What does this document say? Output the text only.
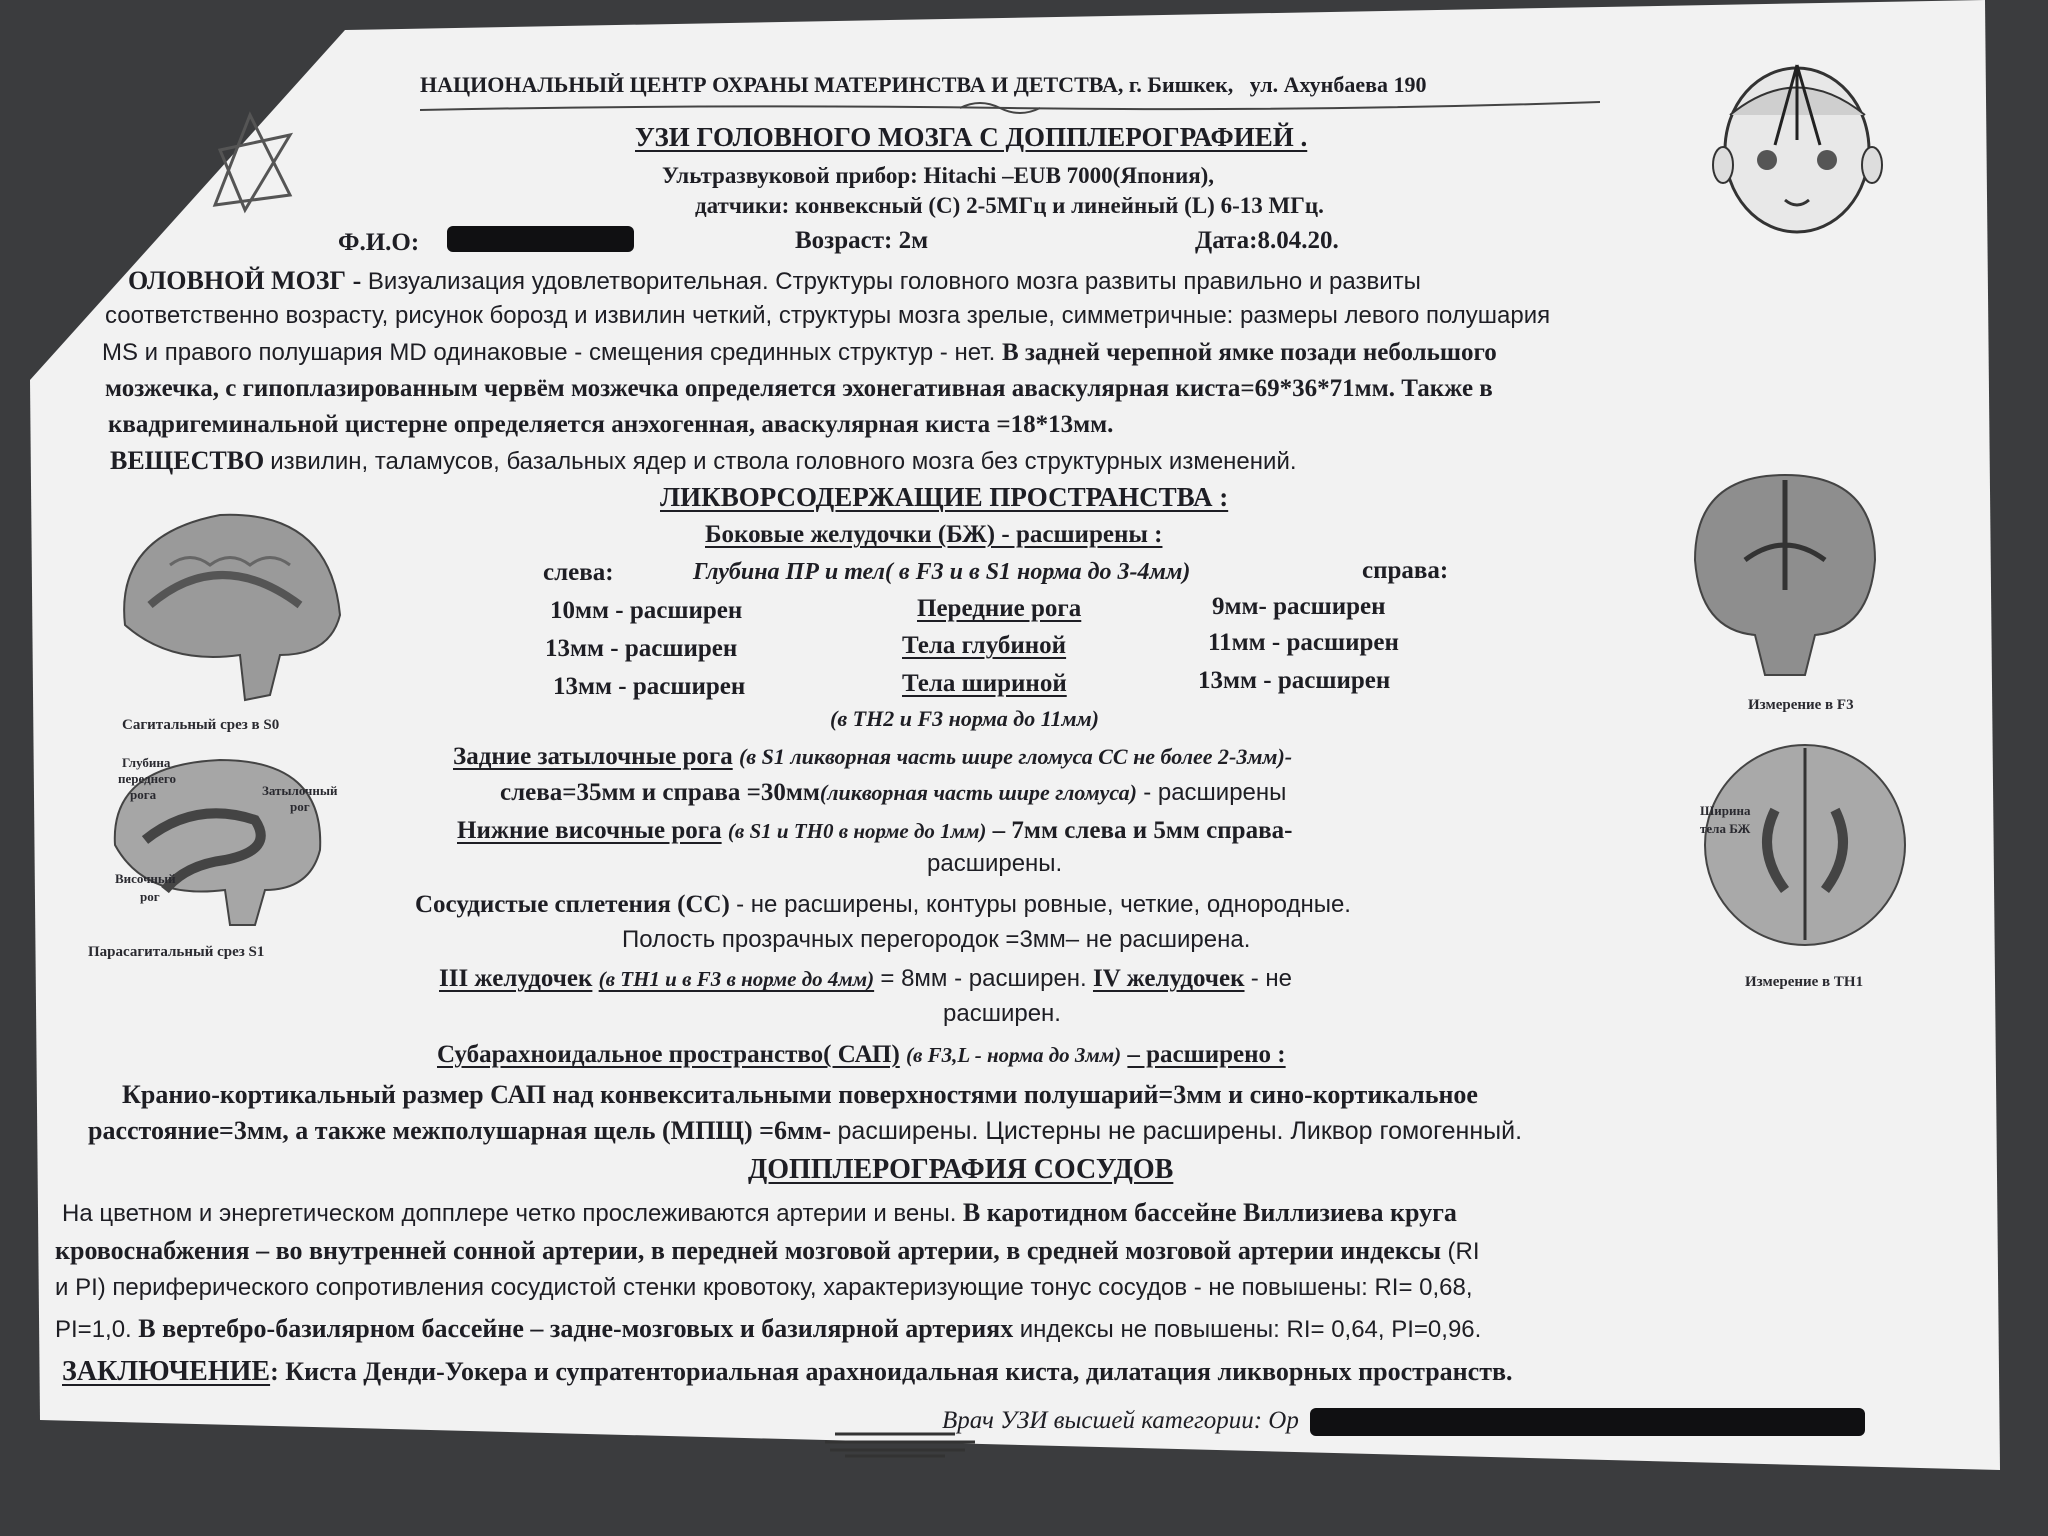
НАЦИОНАЛЬНЫЙ ЦЕНТР ОХРАНЫ МАТЕРИНСТВА И ДЕТСТВА, г. Бишкек, ул. Ахунбаева 190
УЗИ ГОЛОВНОГО МОЗГА С ДОППЛЕРОГРАФИЕЙ .
Ультразвуковой прибор: Hitachi –EUB 7000(Япония),
датчики: конвексный (С) 2-5МГц и линейный (L) 6-13 МГц.
Ф.И.О:	Возраст: 2м	Дата:8.04.20.
ОЛОВНОЙ МОЗГ - Визуализация удовлетворительная. Структуры головного мозга развиты правильно и развиты
соответственно возрасту, рисунок борозд и извилин четкий, структуры мозга зрелые, симметричные: размеры левого полушария
MS и правого полушария MD одинаковые - смещения срединных структур - нет. В задней черепной ямке позади небольшого
мозжечка, с гипоплазированным червём мозжечка определяется эхонегативная аваскулярная киста=69*36*71мм. Также в
квадригеминальной цистерне определяется анэхогенная, аваскулярная киста =18*13мм.
ВЕЩЕСТВО извилин, таламусов, базальных ядер и ствола головного мозга без структурных изменений.
ЛИКВОРСОДЕРЖАЩИЕ ПРОСТРАНСТВА :
Боковые желудочки (БЖ) - расширены :
слева:	Глубина ПР и тел( в F3 и в S1 норма до 3-4мм)	справа:
10мм - расширен	Передние рога	9мм- расширен
13мм - расширен	Тела глубиной	11мм - расширен
13мм - расширен	Тела шириной	13мм - расширен
(в ТН2 и F3 норма до 11мм)
Задние затылочные рога (в S1 ликворная часть шире гломуса СС не более 2-3мм)-
слева=35мм и справа =30мм(ликворная часть шире гломуса) - расширены
Нижние височные рога (в S1 и ТН0 в норме до 1мм) – 7мм слева и 5мм справа-
расширены.
Сосудистые сплетения (СС) - не расширены, контуры ровные, четкие, однородные.
Полость прозрачных перегородок =3мм– не расширена.
III желудочек (в ТН1 и в F3 в норме до 4мм) = 8мм - расширен. IV желудочек - не
расширен.
Субарахноидальное пространство( САП) (в F3,L - норма до 3мм) – расширено :
Кранио-кортикальный размер САП над конвекситальными поверхностями полушарий=3мм и сино-кортикальное
расстояние=3мм, а также межполушарная щель (МПЩ) =6мм- расширены. Цистерны не расширены. Ликвор гомогенный.
ДОППЛЕРОГРАФИЯ СОСУДОВ
На цветном и энергетическом допплере четко прослеживаются артерии и вены. В каротидном бассейне Виллизиева круга
кровоснабжения – во внутренней сонной артерии, в передней мозговой артерии, в средней мозговой артерии индексы (RI
и PI) периферического сопротивления сосудистой стенки кровотоку, характеризующие тонус сосудов - не повышены: RI= 0,68,
PI=1,0. В вертебро-базилярном бассейне – задне-мозговых и базилярной артериях индексы не повышены: RI= 0,64, PI=0,96.
ЗАКЛЮЧЕНИЕ: Киста Денди-Уокера и супратенториальная арахноидальная киста, дилатация ликворных пространств.
Врач УЗИ высшей категории: Ор
Сагитальный срез в S0
Парасагитальный срез S1
Измерение в F3
Измерение в ТН1
Глубина
переднего
рога	Затылочный
рог
Височный
рог
Ширина
тела БЖ
